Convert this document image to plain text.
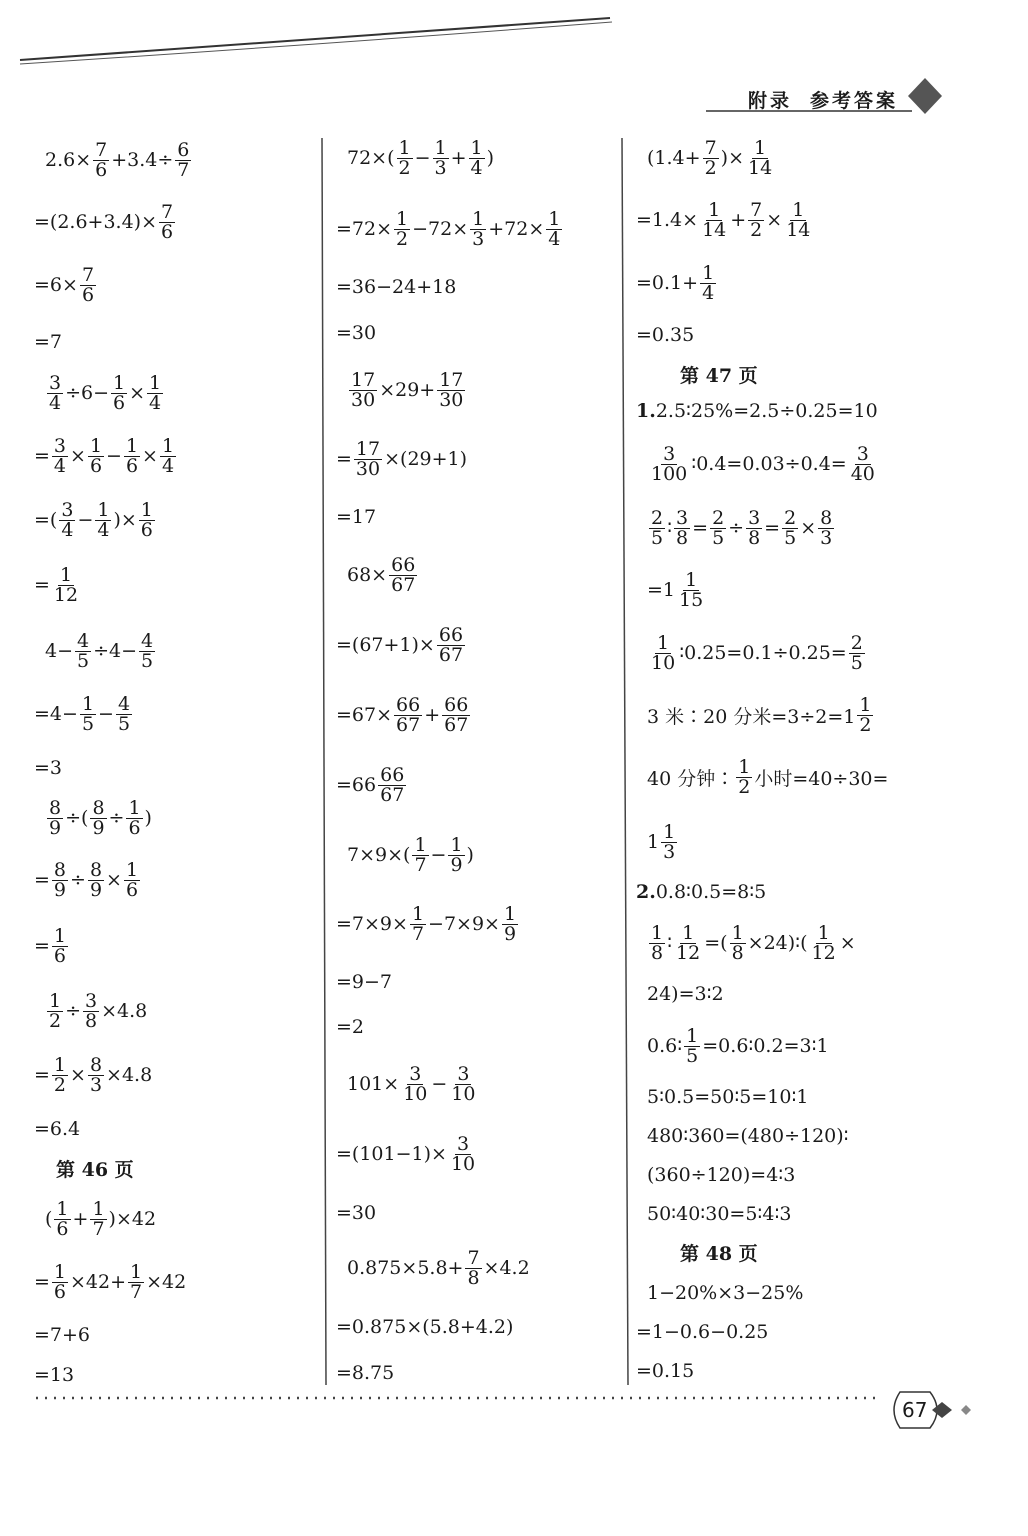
附录 参考答案
$2.6\times \frac{7}{6} +3.4\div \frac{6}{7}$
$=(2.6+3.4)\times \frac{7}{6}$
$=6\times \frac{7}{6}$
=7
$\frac{3}{4} \div 6- \frac{1}{6} \times \frac{1}{4}$
= $\frac{3}{4} \times \frac{1}{6} - \frac{1}{6} \times \frac{1}{4}$
=( $\frac{3}{4} - \frac{1}{4}$ )× $\frac{1}{6}$
= $\frac{1}{12}$
$4- \frac{4}{5} \div 4- \frac{4}{5}$
$=4- \frac{1}{5} - \frac{4}{5}$
=3
$\frac{8}{9}$ ÷( $\frac{8}{9} \div \frac{1}{6}$ )
= $\frac{8}{9} \div \frac{8}{9} \times \frac{1}{6}$
= $\frac{1}{6}$
$\frac{1}{2} \div \frac{3}{8} \times 4.8$
= $\frac{1}{2} \times \frac{8}{3} \times 4.8$
=6.4
第 46 页
( $\frac{1}{6} + \frac{1}{7} )\times 42$
= $\frac{1}{6} \times 42+ \frac{1}{7} \times 42$
=7+6
=13
$72\times( \frac{1}{2} - \frac{1}{3} + \frac{1}{4}$ )
$=72\times \frac{1}{2} -72\times \frac{1}{3} +72\times \frac{1}{4}$
=36−24+18
=30
$\frac{17}{30} \times 29+ \frac{17}{30}$
= $\frac{17}{30} \times(29+1)$
=17
$68\times \frac{66}{67}$
$=(67+1)\times \frac{66}{67}$
$=67\times \frac{66}{67} + \frac{66}{67}$
$=66 \frac{66}{67}$
$7\times 9\times( \frac{1}{7} - \frac{1}{9}$ )
$=7\times 9\times \frac{1}{7} -7\times 9\times \frac{1}{9}$
=9−7
=2
$101\times \frac{3}{10} - \frac{3}{10}$
$=(101-1)\times \frac{3}{10}$
=30
$0.875\times 5.8+ \frac{7}{8} \times 4.2$
=0.875×(5.8+4.2)
=8.75
($1.4+ \frac{7}{2}$ )× $\frac{1}{14}$
$=1.4\times \frac{1}{14} + \frac{7}{2} \times \frac{1}{14}$
$=0.1+ \frac{1}{4}$
=0.35
第 47 页
1. 2.5∶25%=2.5÷0.25=10
$\frac{3}{100}$ ∶0.4=0.03÷0.4= $\frac{3}{40}$
$\frac{2}{5}$ ∶ $\frac{3}{8} = \frac{2}{5} \div \frac{3}{8} = \frac{2}{5} \times \frac{8}{3}$
$=1 \frac{1}{15}$
$\frac{1}{10}$ ∶0.25=0.1÷0.25= $\frac{2}{5}$
3 米∶20 分米$=3\div 2=1 \frac{1}{2}$
40 分钟∶ $\frac{1}{2}$ 小时=40÷30=
$1 \frac{1}{3}$
2. 0.8∶0.5=8∶5
$\frac{1}{8}$ ∶ $\frac{1}{12}$ =( $\frac{1}{8}$ ×24)∶( $\frac{1}{12}$ ×
24)=3∶2
0.6∶ $\frac{1}{5}$ =0.6∶0.2=3∶1
5∶0.5=50∶5=10∶1
480∶360=(480÷120)∶
(360÷120)=4∶3
50∶40∶30=5∶4∶3
第 48 页
1−20%×3−25%
=1−0.6−0.25
=0.15
67
